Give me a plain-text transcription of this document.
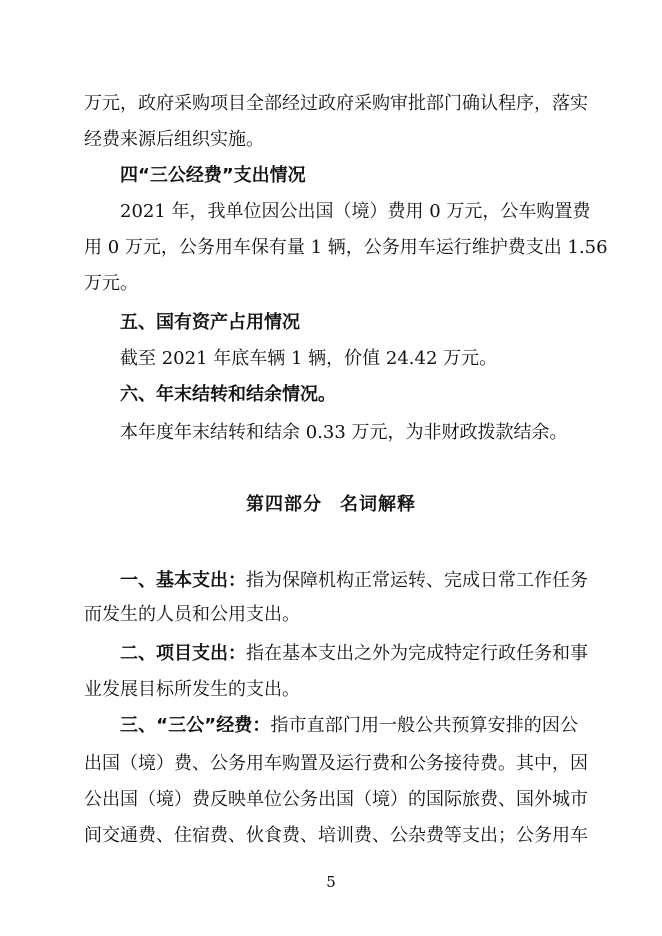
万元，政府采购项目全部经过政府采购审批部门确认程序，落实
经费来源后组织实施。
四“三公经费”支出情况
2021 年，我单位因公出国（境）费用 0 万元，公车购置费
用 0 万元，公务用车保有量 1 辆，公务用车运行维护费支出 1.56
万元。
五、国有资产占用情况
截至 2021 年底车辆 1 辆，价值 24.42 万元。
六、年末结转和结余情况。
本年度年末结转和结余 0.33 万元，为非财政拨款结余。
第四部分 名词解释
一、基本支出：指为保障机构正常运转、完成日常工作任务
而发生的人员和公用支出。
二、项目支出：指在基本支出之外为完成特定行政任务和事
业发展目标所发生的支出。
三、“三公”经费：指市直部门用一般公共预算安排的因公
出国（境）费、公务用车购置及运行费和公务接待费。其中，因
公出国（境）费反映单位公务出国（境）的国际旅费、国外城市
间交通费、住宿费、伙食费、培训费、公杂费等支出；公务用车
5
